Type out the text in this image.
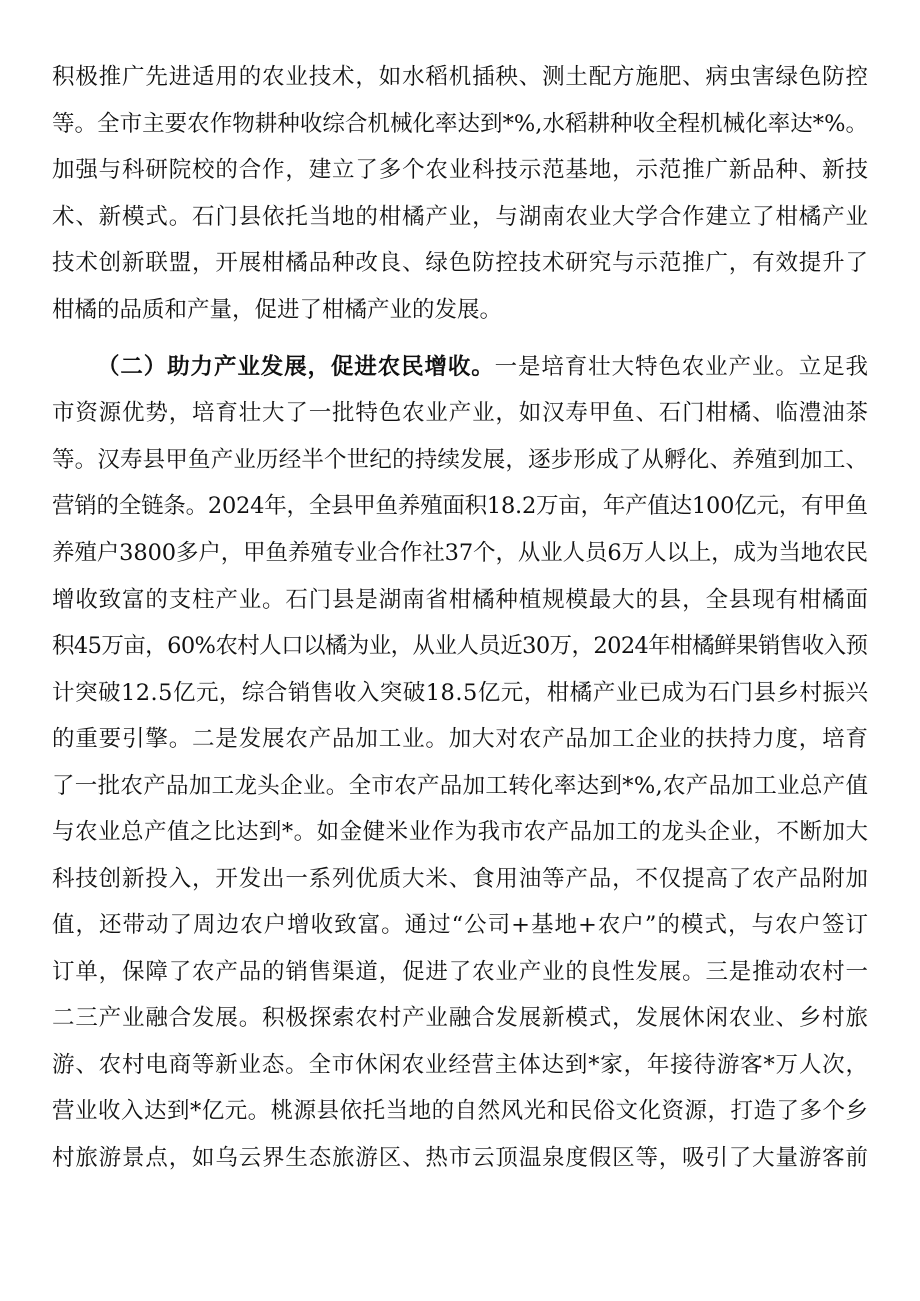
积极推广先进适用的农业技术，如水稻机插秧、测土配方施肥、病虫害绿色防控
等。全市主要农作物耕种收综合机械化率达到*%,水稻耕种收全程机械化率达*%。
加强与科研院校的合作，建立了多个农业科技示范基地，示范推广新品种、新技
术、新模式。石门县依托当地的柑橘产业，与湖南农业大学合作建立了柑橘产业
技术创新联盟，开展柑橘品种改良、绿色防控技术研究与示范推广，有效提升了
柑橘的品质和产量，促进了柑橘产业的发展。
（二）助力产业发展，促进农民增收。一是培育壮大特色农业产业。立足我
市资源优势，培育壮大了一批特色农业产业，如汉寿甲鱼、石门柑橘、临澧油茶
等。汉寿县甲鱼产业历经半个世纪的持续发展，逐步形成了从孵化、养殖到加工、
营销的全链条。2024年，全县甲鱼养殖面积18.2万亩，年产值达100亿元，有甲鱼
养殖户3800多户，甲鱼养殖专业合作社37个，从业人员6万人以上，成为当地农民
增收致富的支柱产业。石门县是湖南省柑橘种植规模最大的县，全县现有柑橘面
积45万亩，60%农村人口以橘为业，从业人员近30万，2024年柑橘鲜果销售收入预
计突破12.5亿元，综合销售收入突破18.5亿元，柑橘产业已成为石门县乡村振兴
的重要引擎。二是发展农产品加工业。加大对农产品加工企业的扶持力度，培育
了一批农产品加工龙头企业。全市农产品加工转化率达到*%,农产品加工业总产值
与农业总产值之比达到*。如金健米业作为我市农产品加工的龙头企业，不断加大
科技创新投入，开发出一系列优质大米、食用油等产品，不仅提高了农产品附加
值，还带动了周边农户增收致富。通过“公司+基地+农户”的模式，与农户签订
订单，保障了农产品的销售渠道，促进了农业产业的良性发展。三是推动农村一
二三产业融合发展。积极探索农村产业融合发展新模式，发展休闲农业、乡村旅
游、农村电商等新业态。全市休闲农业经营主体达到*家，年接待游客*万人次，
营业收入达到*亿元。桃源县依托当地的自然风光和民俗文化资源，打造了多个乡
村旅游景点，如乌云界生态旅游区、热市云顶温泉度假区等，吸引了大量游客前
